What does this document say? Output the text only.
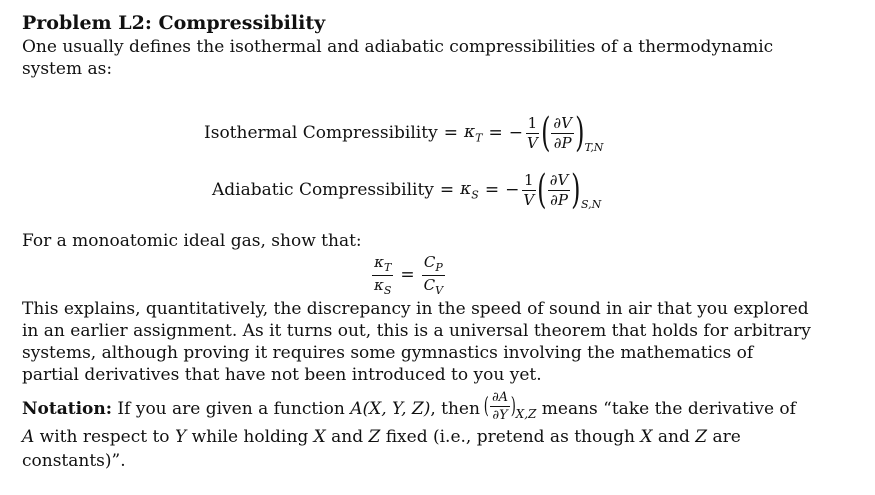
Problem L2: Compressibility

One usually defines the isothermal and adiabatic compressibilities of a thermodynamic system as:

Isothermal Compressibility = $\kappa_T$ = − $\frac{1}{V}$ ( $\frac{\partial V}{\partial P}$ ) T,N
Adiabatic Compressibility = $\kappa_S$ = − $\frac{1}{V}$ ( $\frac{\partial V}{\partial P}$ ) S,N

For a monoatomic ideal gas, show that:

$\frac{\kappa_T}{\kappa_S} = \frac{C_P}{C_V}$

This explains, quantitatively, the discrepancy in the speed of sound in air that you explored in an earlier assignment. As it turns out, this is a universal theorem that holds for arbitrary systems, although proving it requires some gymnastics involving the mathematics of partial derivatives that have not been introduced to you yet.

Notation: If you are given a function A(X, Y, Z), then
( $\frac{\partial A}{\partial Y}$ ) X,Z means “take the derivative of A with respect to Y while holding X and Z fixed (i.e., pretend as though X and Z are constants)”.
